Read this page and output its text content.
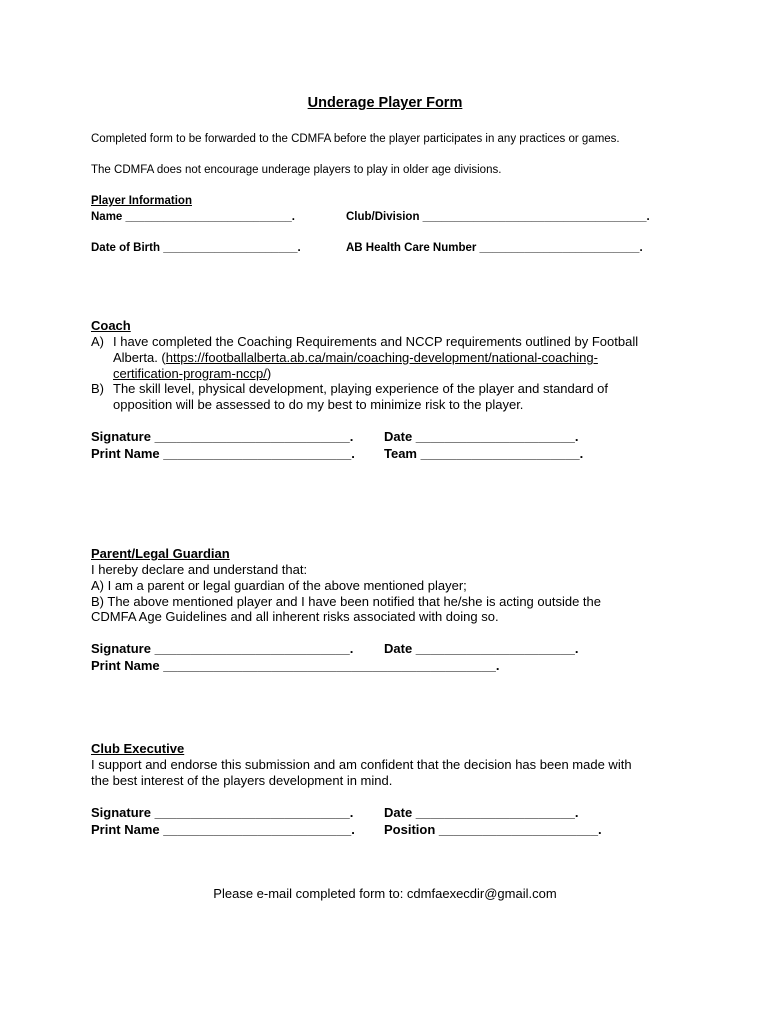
Underage Player Form
Completed form to be forwarded to the CDMFA before the player participates in any practices or games.
The CDMFA does not encourage underage players to play in older age divisions.
Player Information
Name __________________________.	Club/Division ___________________________________.
Date of Birth _____________________.	AB Health Care Number _________________________.
Coach
A) I have completed the Coaching Requirements and NCCP requirements outlined by Football
Alberta. (https://footballalberta.ab.ca/main/coaching-development/national-coaching-
certification-program-nccp/)
B) The skill level, physical development, playing experience of the player and standard of
opposition will be assessed to do my best to minimize risk to the player.
Signature ___________________________. Date ______________________.
Print Name __________________________. Team ______________________.
Parent/Legal Guardian
I hereby declare and understand that:
A) I am a parent or legal guardian of the above mentioned player;
B) The above mentioned player and I have been notified that he/she is acting outside the
CDMFA Age Guidelines and all inherent risks associated with doing so.
Signature ___________________________. Date ______________________.
Print Name ______________________________________________.
Club Executive
I support and endorse this submission and am confident that the decision has been made with
the best interest of the players development in mind.
Signature ___________________________. Date ______________________.
Print Name __________________________. Position ______________________.
Please e-mail completed form to: cdmfaexecdir@gmail.com
